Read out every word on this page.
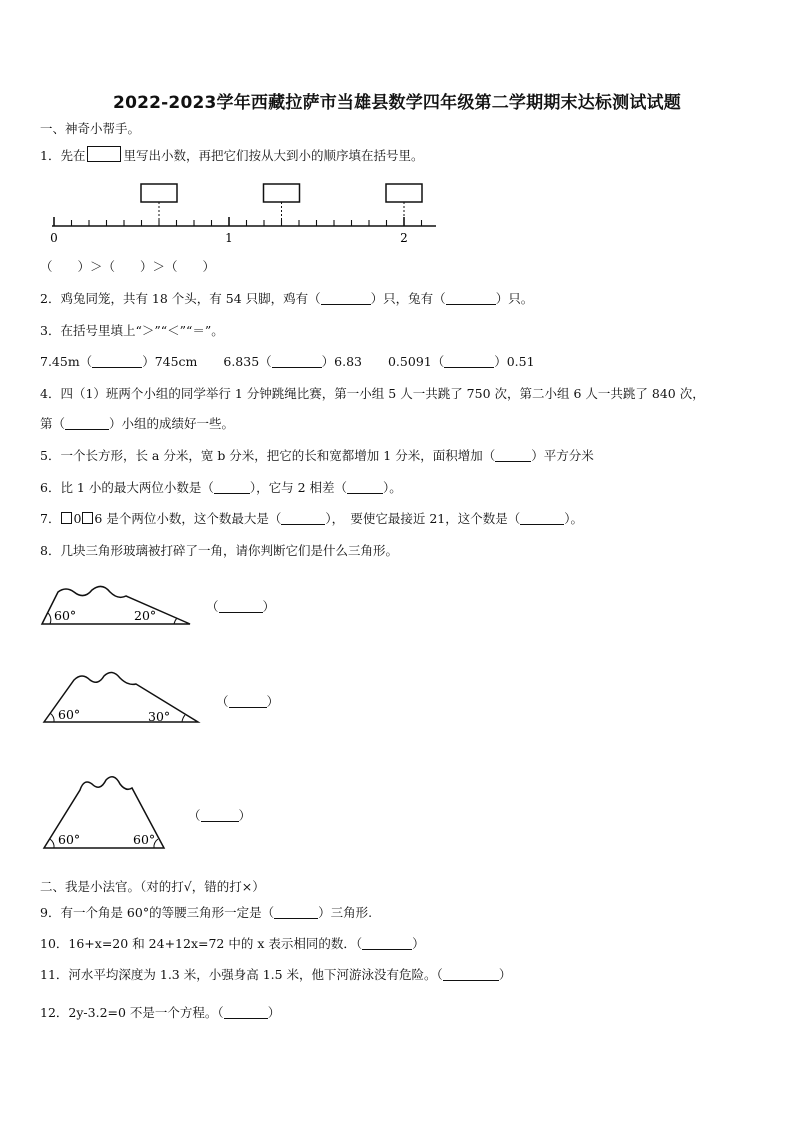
2022-2023学年西藏拉萨市当雄县数学四年级第二学期期末达标测试试题
一、神奇小帮手。
1．先在	里写出小数，再把它们按从大到小的顺序填在括号里。
0	1	2
（　　）＞（　　）＞（　　）
2．鸡兔同笼，共有 18 个头，有 54 只脚，鸡有（	）只，兔有（	）只。
3．在括号里填上“＞”“＜”“＝”。
7.45m（	）745cm 6.835（	）6.83 0.5091（	）0.51
4．四（1）班两个小组的同学举行 1 分钟跳绳比赛，第一小组 5 人一共跳了 750 次，第二小组 6 人一共跳了 840 次，
第（	）小组的成绩好一些。
5．一个长方形，长 a 分米，宽 b 分米，把它的长和宽都增加 1 分米，面积增加（	）平方分米
6．比 1 小的最大两位小数是（	），它与 2 相差（	）。
7． 0 6 是个两位小数，这个数最大是（	），　要使它最接近 21，这个数是（	）。
8．几块三角形玻璃被打碎了一角，请你判断它们是什么三角形。
60°	20°
（	）
60°	30°
（	）
60°	60°
（	）
二、我是小法官。（对的打√，错的打×）
9．有一个角是 60°的等腰三角形一定是（	）三角形.
10．16+x=20 和 24+12x=72 中的 x 表示相同的数．（	）
11．河水平均深度为 1.3 米，小强身高 1.5 米，他下河游泳没有危险。（	）
12．2y-3.2=0 不是一个方程。（	）
